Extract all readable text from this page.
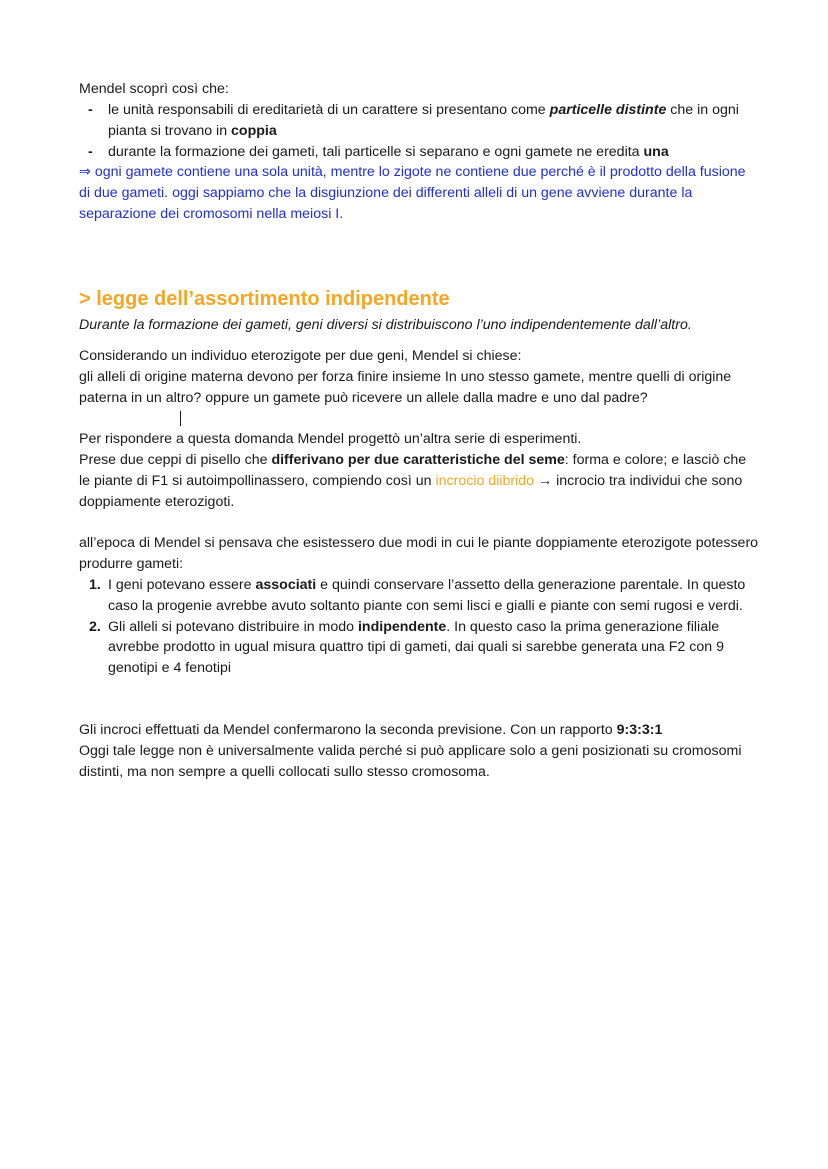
Mendel scoprì così che:

- le unità responsabili di ereditarietà di un carattere si presentano come particelle distinte che in ogni pianta si trovano in coppia
- durante la formazione dei gameti, tali particelle si separano e ogni gamete ne eredita una

⇒ ogni gamete contiene una sola unità, mentre lo zigote ne contiene due perché è il prodotto della fusione di due gameti. oggi sappiamo che la disgiunzione dei differenti alleli di un gene avviene durante la separazione dei cromosomi nella meiosi I.

> legge dell’assortimento indipendente

Durante la formazione dei gameti, geni diversi si distribuiscono l’uno indipendentemente dall’altro.

Considerando un individuo eterozigote per due geni, Mendel si chiese:

gli alleli di origine materna devono per forza finire insieme In uno stesso gamete, mentre quelli di origine paterna in un altro? oppure un gamete può ricevere un allele dalla madre e uno dal padre?

Per rispondere a questa domanda Mendel progettò un’altra serie di esperimenti.

Prese due ceppi di pisello che differivano per due caratteristiche del seme: forma e colore; e lasciò che le piante di F1 si autoimpollinassero, compiendo così un incrocio diibrido → incrocio tra individui che sono doppiamente eterozigoti.

all’epoca di Mendel si pensava che esistessero due modi in cui le piante doppiamente eterozigote potessero produrre gameti:

1. I geni potevano essere associati e quindi conservare l’assetto della generazione parentale. In questo caso la progenie avrebbe avuto soltanto piante con semi lisci e gialli e piante con semi rugosi e verdi.
2. Gli alleli si potevano distribuire in modo indipendente. In questo caso la prima generazione filiale avrebbe prodotto in ugual misura quattro tipi di gameti, dai quali si sarebbe generata una F2 con 9 genotipi e 4 fenotipi

Gli incroci effettuati da Mendel confermarono la seconda previsione. Con un rapporto 9:3:3:1

Oggi tale legge non è universalmente valida perché si può applicare solo a geni posizionati su cromosomi distinti, ma non sempre a quelli collocati sullo stesso cromosoma.
